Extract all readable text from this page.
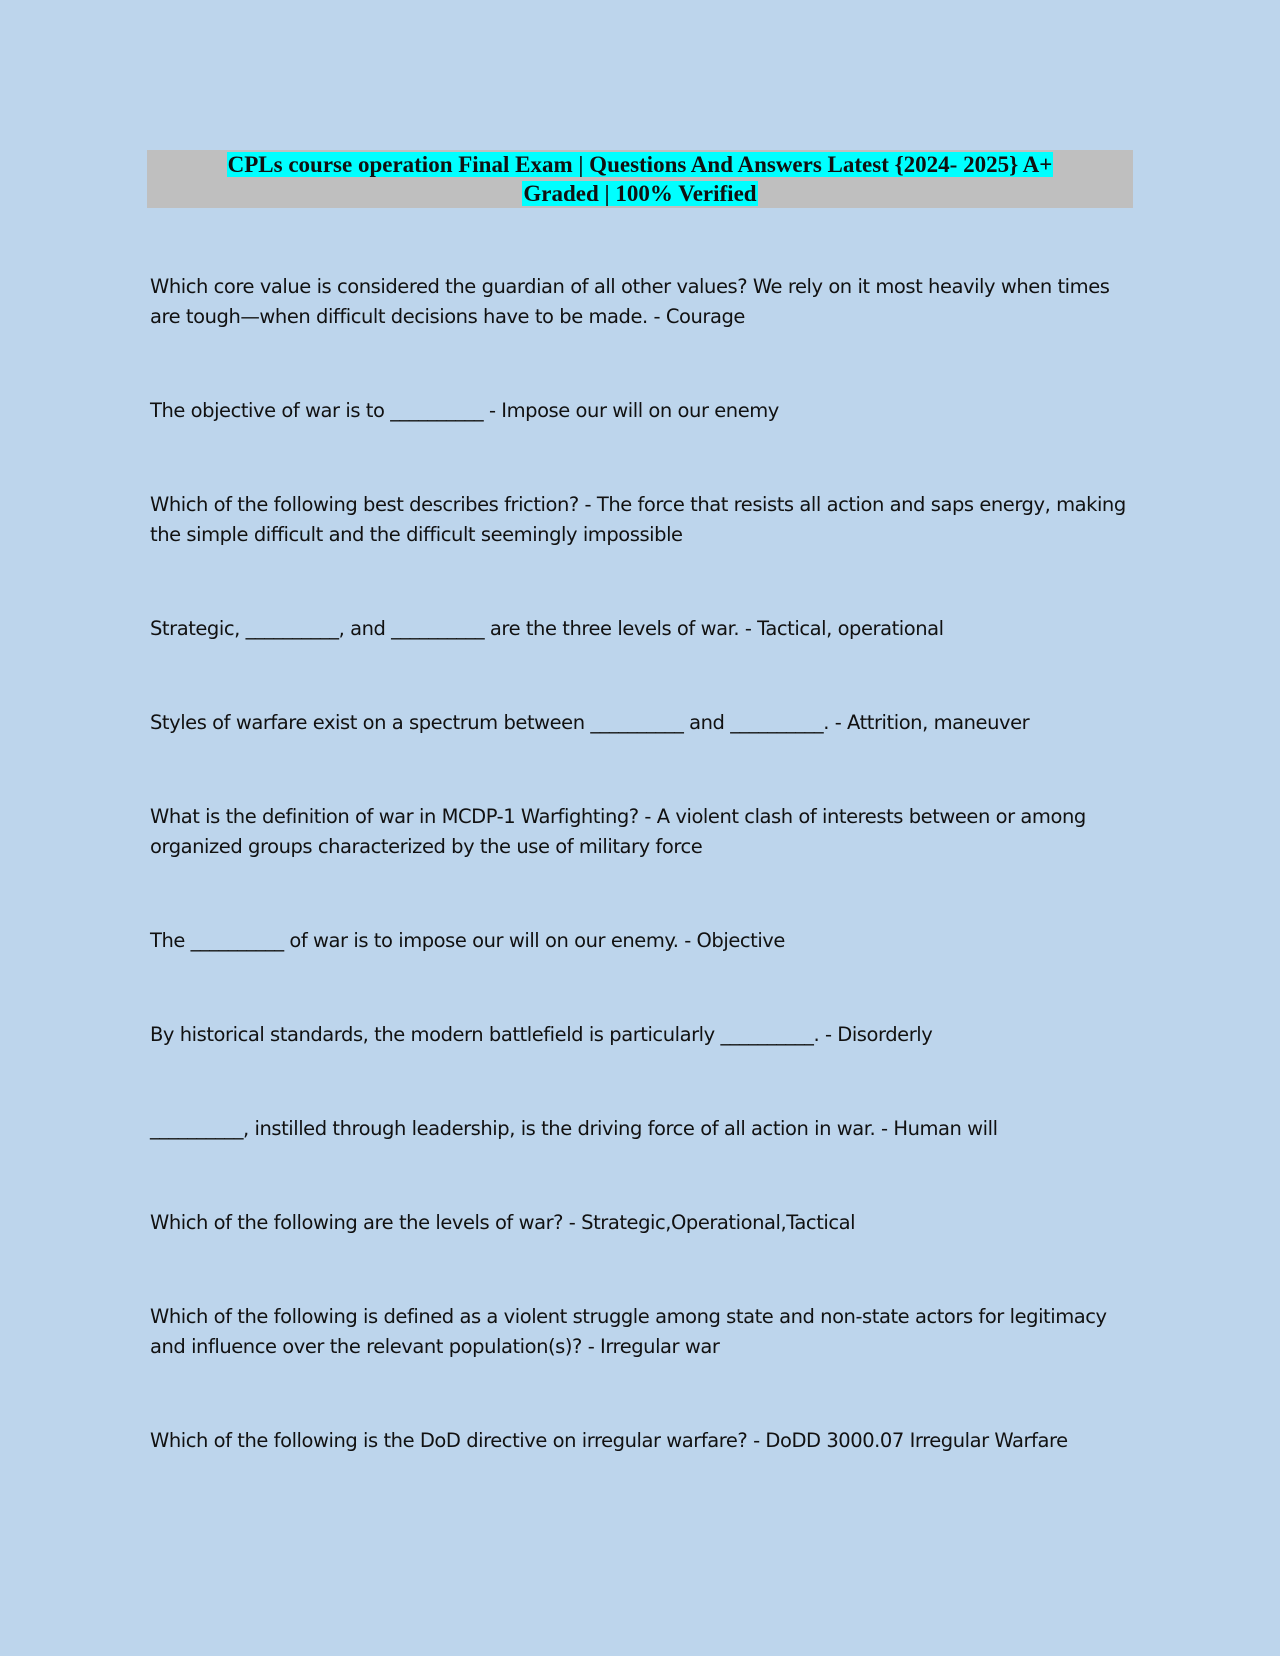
CPLs course operation Final Exam | Questions And Answers Latest {2024- 2025} A+
Graded | 100% Verified
Which core value is considered the guardian of all other values? We rely on it most heavily when times are tough—when difficult decisions have to be made. - Courage
The objective of war is to __________ - Impose our will on our enemy
Which of the following best describes friction? - The force that resists all action and saps energy, making the simple difficult and the difficult seemingly impossible
Strategic, __________, and __________ are the three levels of war. - Tactical, operational
Styles of warfare exist on a spectrum between __________ and __________. - Attrition, maneuver
What is the definition of war in MCDP-1 Warfighting? - A violent clash of interests between or among organized groups characterized by the use of military force
The __________ of war is to impose our will on our enemy. - Objective
By historical standards, the modern battlefield is particularly __________. - Disorderly
__________, instilled through leadership, is the driving force of all action in war. - Human will
Which of the following are the levels of war? - Strategic,Operational,Tactical
Which of the following is defined as a violent struggle among state and non-state actors for legitimacy and influence over the relevant population(s)? - Irregular war
Which of the following is the DoD directive on irregular warfare? - DoDD 3000.07 Irregular Warfare
